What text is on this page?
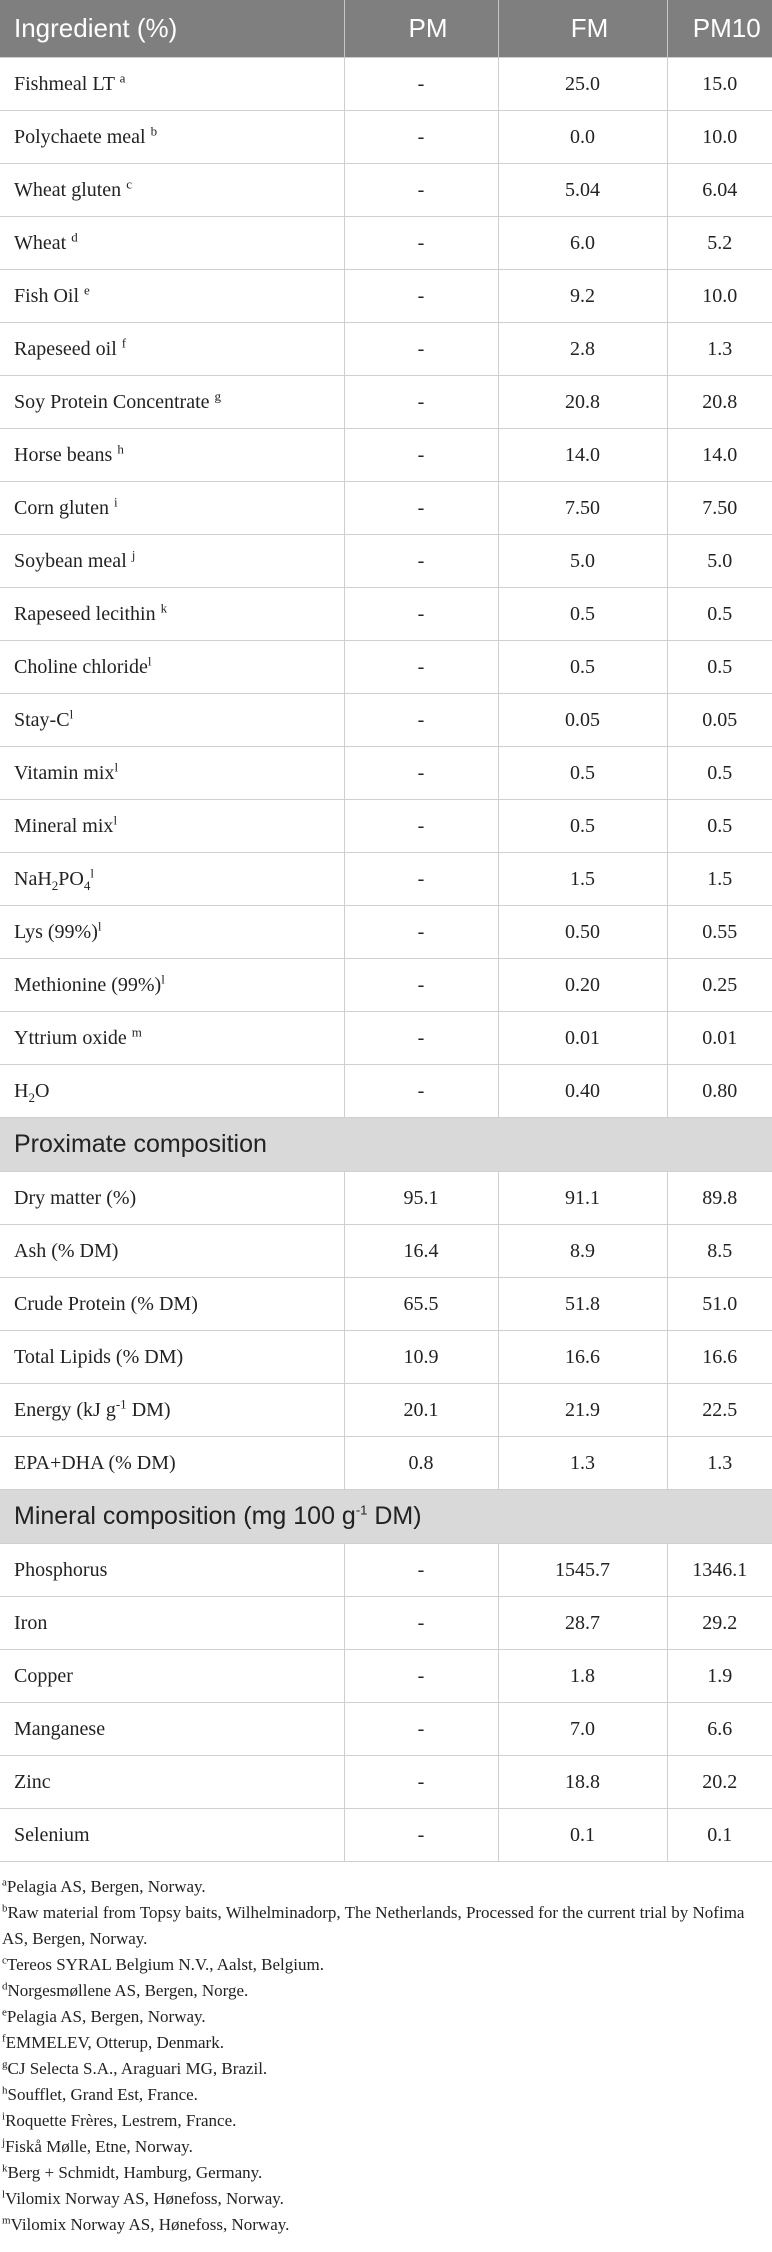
Ingredient (%)	PM	FM	PM10
Fishmeal LT $^a$	-	25.0	15.0
Polychaete meal $^b$	-	0.0	10.0
Wheat gluten $^c$	-	5.04	6.04
Wheat $^d$	-	6.0	5.2
Fish Oil $^e$	-	9.2	10.0
Rapeseed oil $^f$	-	2.8	1.3
Soy Protein Concentrate $^g$	-	20.8	20.8
Horse beans $^h$	-	14.0	14.0
Corn gluten $^i$	-	7.50	7.50
Soybean meal $^j$	-	5.0	5.0
Rapeseed lecithin $^k$	-	0.5	0.5
Choline chloride$^l$	-	0.5	0.5
Stay-$C^l$	-	0.05	0.05
Vitamin mix$^l$	-	0.5	0.5
Mineral mix$^l$	-	0.5	0.5
$NaH_2PO_4^l$	-	1.5	1.5
Lys $(99\%)^l$	-	0.50	0.55
Methionine $(99\%)^l$	-	0.20	0.25
Yttrium oxide $^m$	-	0.01	0.01
$H_2O$	-	0.40	0.80
Proximate composition			
Dry matter (%)	95.1	91.1	89.8
Ash (% DM)	16.4	8.9	8.5
Crude Protein (% DM)	65.5	51.8	51.0
Total Lipids (% DM)	10.9	16.6	16.6
Energy (kJ $g^{-1}$ DM)	20.1	21.9	22.5
EPA+DHA (% DM)	0.8	1.3	1.3
Mineral composition (mg 100 $g^{-1}$ DM)			
Phosphorus	-	1545.7	1346.1
Iron	-	28.7	29.2
Copper	-	1.8	1.9
Manganese	-	7.0	6.6
Zinc	-	18.8	20.2
Selenium	-	0.1	0.1
$^a$Pelagia AS, Bergen, Norway.
$^b$Raw material from Topsy baits, Wilhelminadorp, The Netherlands, Processed for the current trial by Nofima AS, Bergen, Norway.
$^c$Tereos SYRAL Belgium N.V., Aalst, Belgium.
$^d$Norgesmøllene AS, Bergen, Norge.
$^e$Pelagia AS, Bergen, Norway.
$^f$EMMELEV, Otterup, Denmark.
$^g$CJ Selecta S.A., Araguari MG, Brazil.
$^h$Soufflet, Grand Est, France.
$^i$Roquette Frères, Lestrem, France.
$^j$Fiskå Mølle, Etne, Norway.
$^k$Berg + Schmidt, Hamburg, Germany.
$^l$Vilomix Norway AS, Hønefoss, Norway.
$^m$Vilomix Norway AS, Hønefoss, Norway.
